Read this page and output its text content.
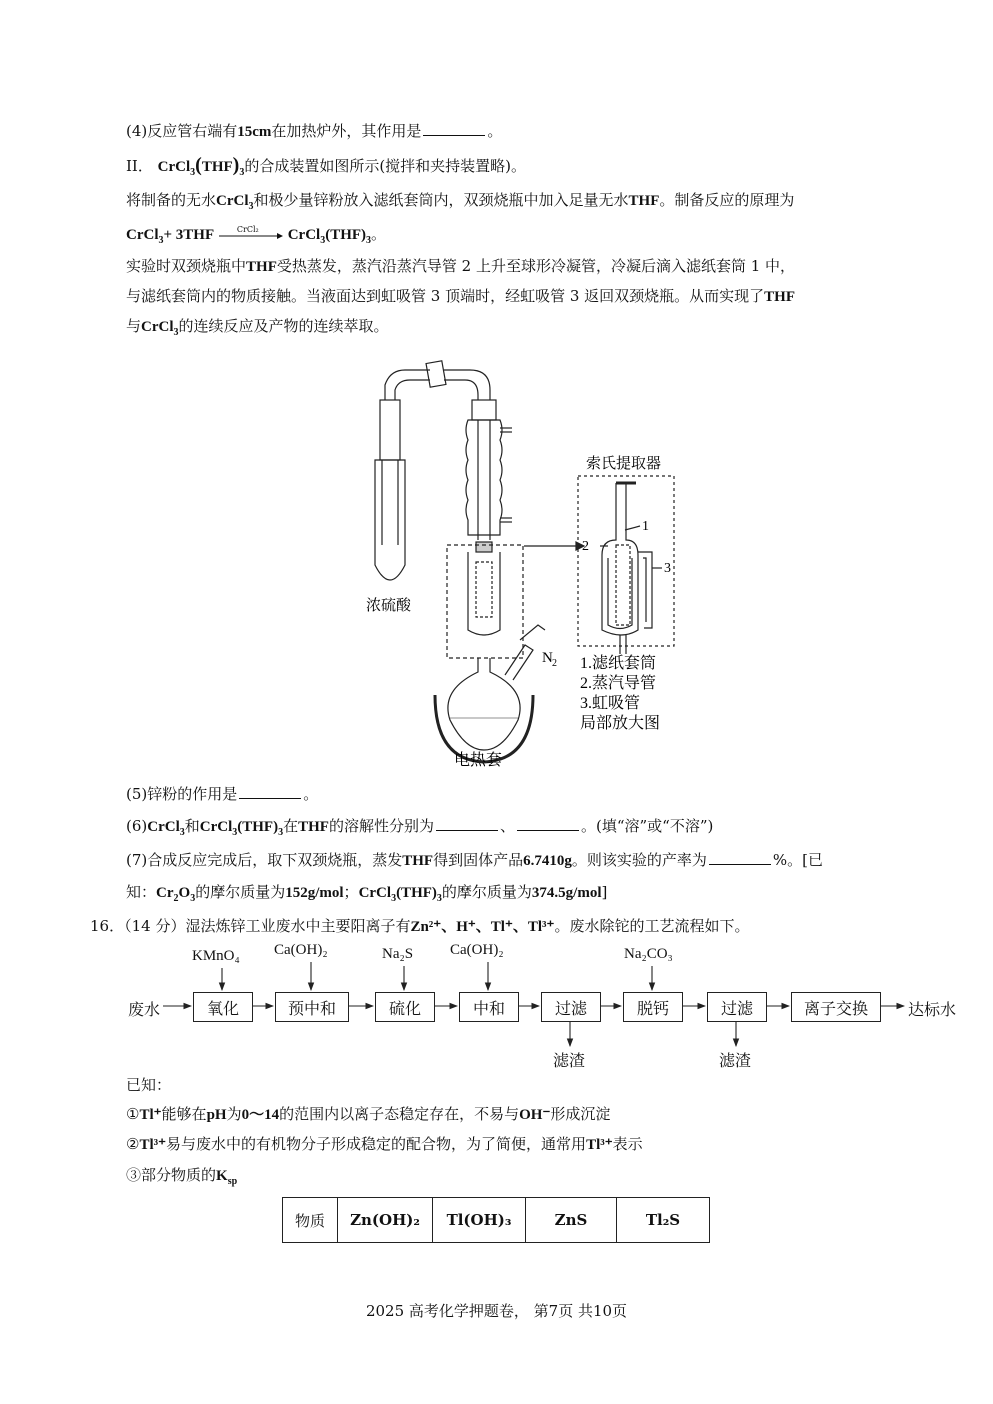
(4)反应管右端有15cm在加热炉外，其作用是	。
II． $CrCl_3(THF)_3$的合成装置如图所示(搅拌和夹持装置略)。
将制备的无水CrCl$_3$和极少量锌粉放入滤纸套筒内，双颈烧瓶中加入足量无水THF。制备反应的原理为
CrCl$_3$+ 3THF	CrCl₂ $CrCl_3(THF)_3$。
实验时双颈烧瓶中THF受热蒸发，蒸汽沿蒸汽导管 2 上升至球形冷凝管，冷凝后滴入滤纸套筒 1 中，
与滤纸套筒内的物质接触。当液面达到虹吸管 3 顶端时，经虹吸管 3 返回双颈烧瓶。从而实现了THF
与CrCl$_3$的连续反应及产物的连续萃取。
浓硫酸
电热套
N 2
索氏提取器
1
2
3
1.滤纸套筒
2.蒸汽导管
3.虹吸管
局部放大图
(5)锌粉的作用是	。
(6)CrCl$_3$和$CrCl_3(THF)_3$在THF的溶解性分别为	、	。(填“溶”或“不溶”)
(7)合成反应完成后，取下双颈烧瓶，蒸发THF得到固体产品6.7410g。则该实验的产率为	%。[已
知：$Cr_2O_3$的摩尔质量为152g/mol；$CrCl_3(THF)_3$的摩尔质量为374.5g/mol]
16．（14 分）湿法炼锌工业废水中主要阳离子有Zn²⁺、H⁺、Tl⁺、Tl³⁺。废水除铊的工艺流程如下。
废水	达标水
氧化	预中和	硫化	中和	过滤	脱钙	过滤	离子交换
KMnO₄ Ca(OH)₂	Na₂S Ca(OH)₂	Na₂CO₃
滤渣	滤渣
已知：
①Tl⁺能够在pH为0～14的范围内以离子态稳定存在，不易与OH⁻形成沉淀
②Tl³⁺易与废水中的有机物分子形成稳定的配合物，为了简便，通常用Tl³⁺表示
③部分物质的$K_{sp}$
物质	Zn(OH)₂	Tl(OH)₃	ZnS	Tl₂S
2025 高考化学押题卷， 第7页 共10页
